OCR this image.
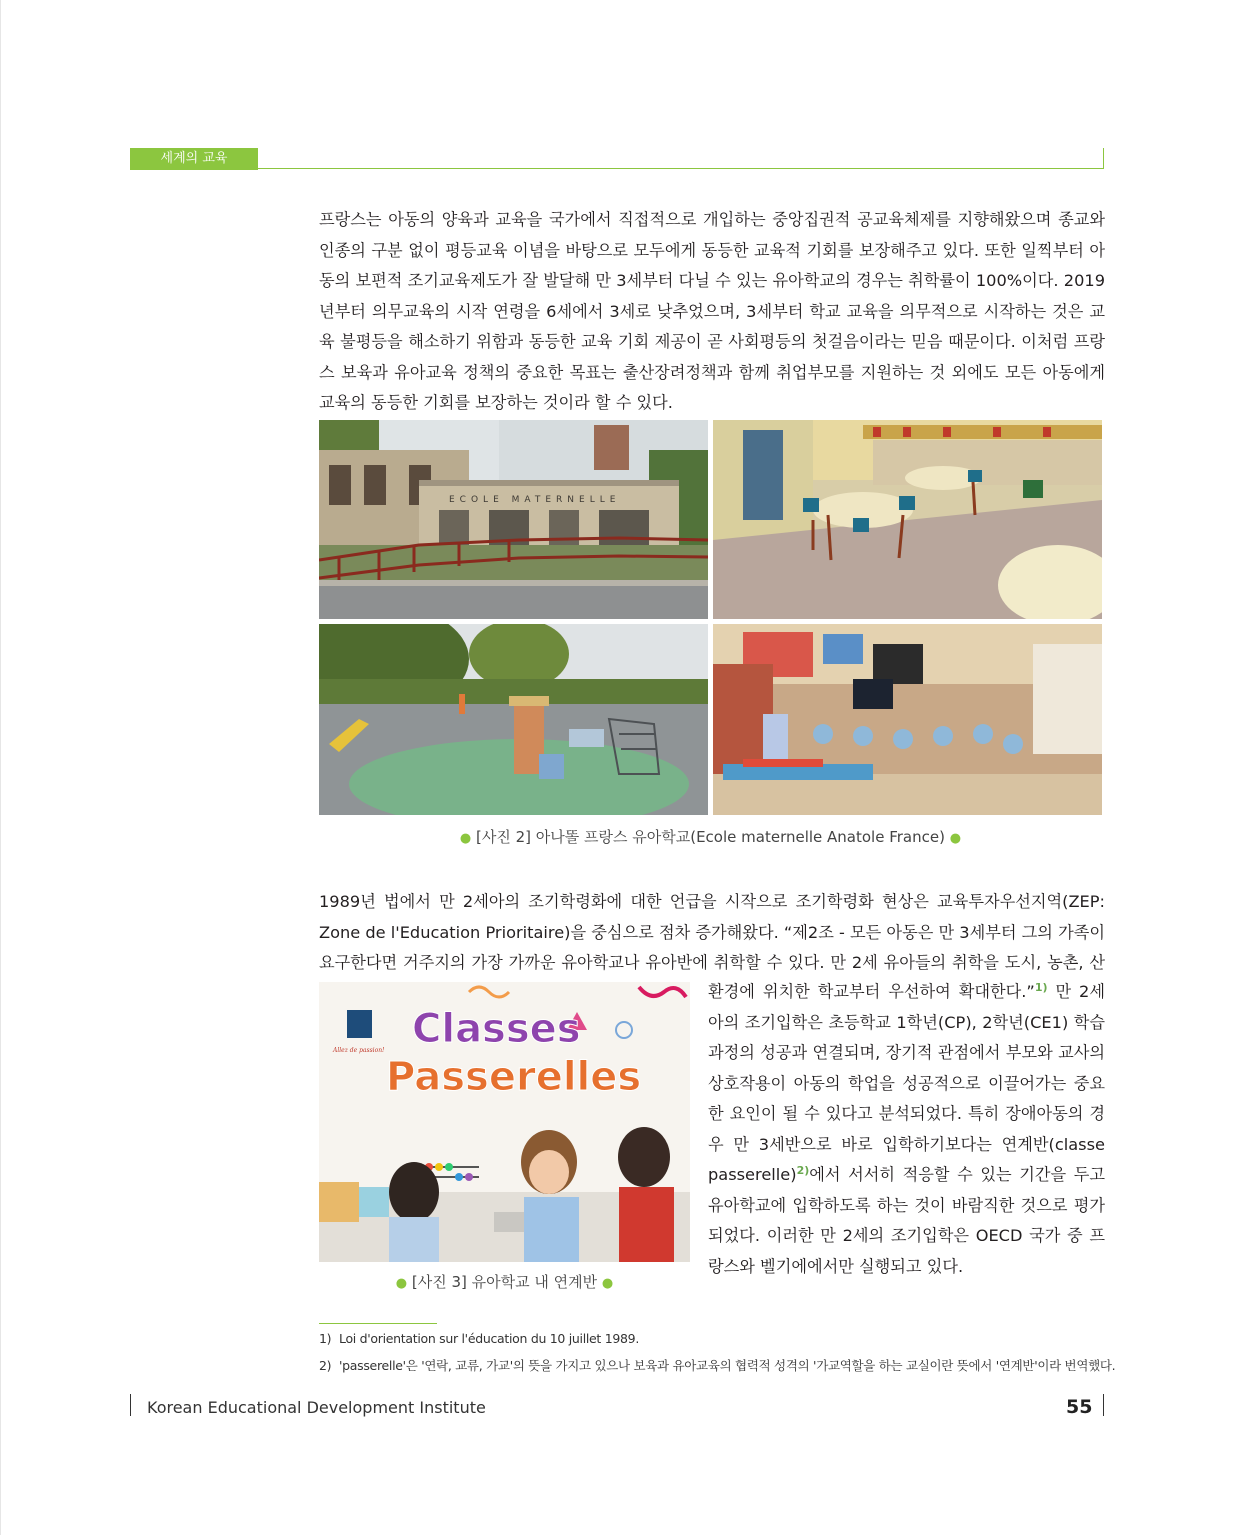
세계의 교육

프랑스는 아동의 양육과 교육을 국가에서 직접적으로 개입하는 중앙집권적 공교육체제를 지향해왔으며 종교와 인종의 구분 없이 평등교육 이념을 바탕으로 모두에게 동등한 교육적 기회를 보장해주고 있다. 또한 일찍부터 아동의 보편적 조기교육제도가 잘 발달해 만 3세부터 다닐 수 있는 유아학교의 경우는 취학률이 100%이다. 2019년부터 의무교육의 시작 연령을 6세에서 3세로 낮추었으며, 3세부터 학교 교육을 의무적으로 시작하는 것은 교육 불평등을 해소하기 위함과 동등한 교육 기회 제공이 곧 사회평등의 첫걸음이라는 믿음 때문이다. 이처럼 프랑스 보육과 유아교육 정책의 중요한 목표는 출산장려정책과 함께 취업부모를 지원하는 것 외에도 모든 아동에게 교육의 동등한 기회를 보장하는 것이라 할 수 있다.

ECOLE MATERNELLE
● [사진 2] 아나똘 프랑스 유아학교(Ecole maternelle Anatole France) ●

1989년 법에서 만 2세아의 조기학령화에 대한 언급을 시작으로 조기학령화 현상은 교육투자우선지역(ZEP: Zone de l'Education Prioritaire)을 중심으로 점차 증가해왔다. “제2조 - 모든 아동은 만 3세부터 그의 가족이 요구한다면 거주지의 가장 가까운 유아학교나 유아반에 취학할 수 있다. 만 2세 유아들의 취학을 도시, 농촌, 산

Allez de passion! Classes
Passerelles
● [사진 3] 유아학교 내 연계반 ●

환경에 위치한 학교부터 우선하여 확대한다.”$^{1)}$ 만 2세 아의 조기입학은 초등학교 1학년(CP), 2학년(CE1) 학습 과정의 성공과 연결되며, 장기적 관점에서 부모와 교사의 상호작용이 아동의 학업을 성공적으로 이끌어가는 중요한 요인이 될 수 있다고 분석되었다. 특히 장애아동의 경우 만 3세반으로 바로 입학하기보다는 연계반(classe passerelle)$^{2)}$에서 서서히 적응할 수 있는 기간을 두고 유아학교에 입학하도록 하는 것이 바람직한 것으로 평가되었다. 이러한 만 2세의 조기입학은 OECD 국가 중 프랑스와 벨기에에서만 실행되고 있다.

1) Loi d'orientation sur l'éducation du 10 juillet 1989.
2) 'passerelle'은 '연락, 교류, 가교'의 뜻을 가지고 있으나 보육과 유아교육의 협력적 성격의 '가교역할을 하는 교실이란 뜻에서 '연계반'이라 번역했다.
Korean Educational Development Institute	55
